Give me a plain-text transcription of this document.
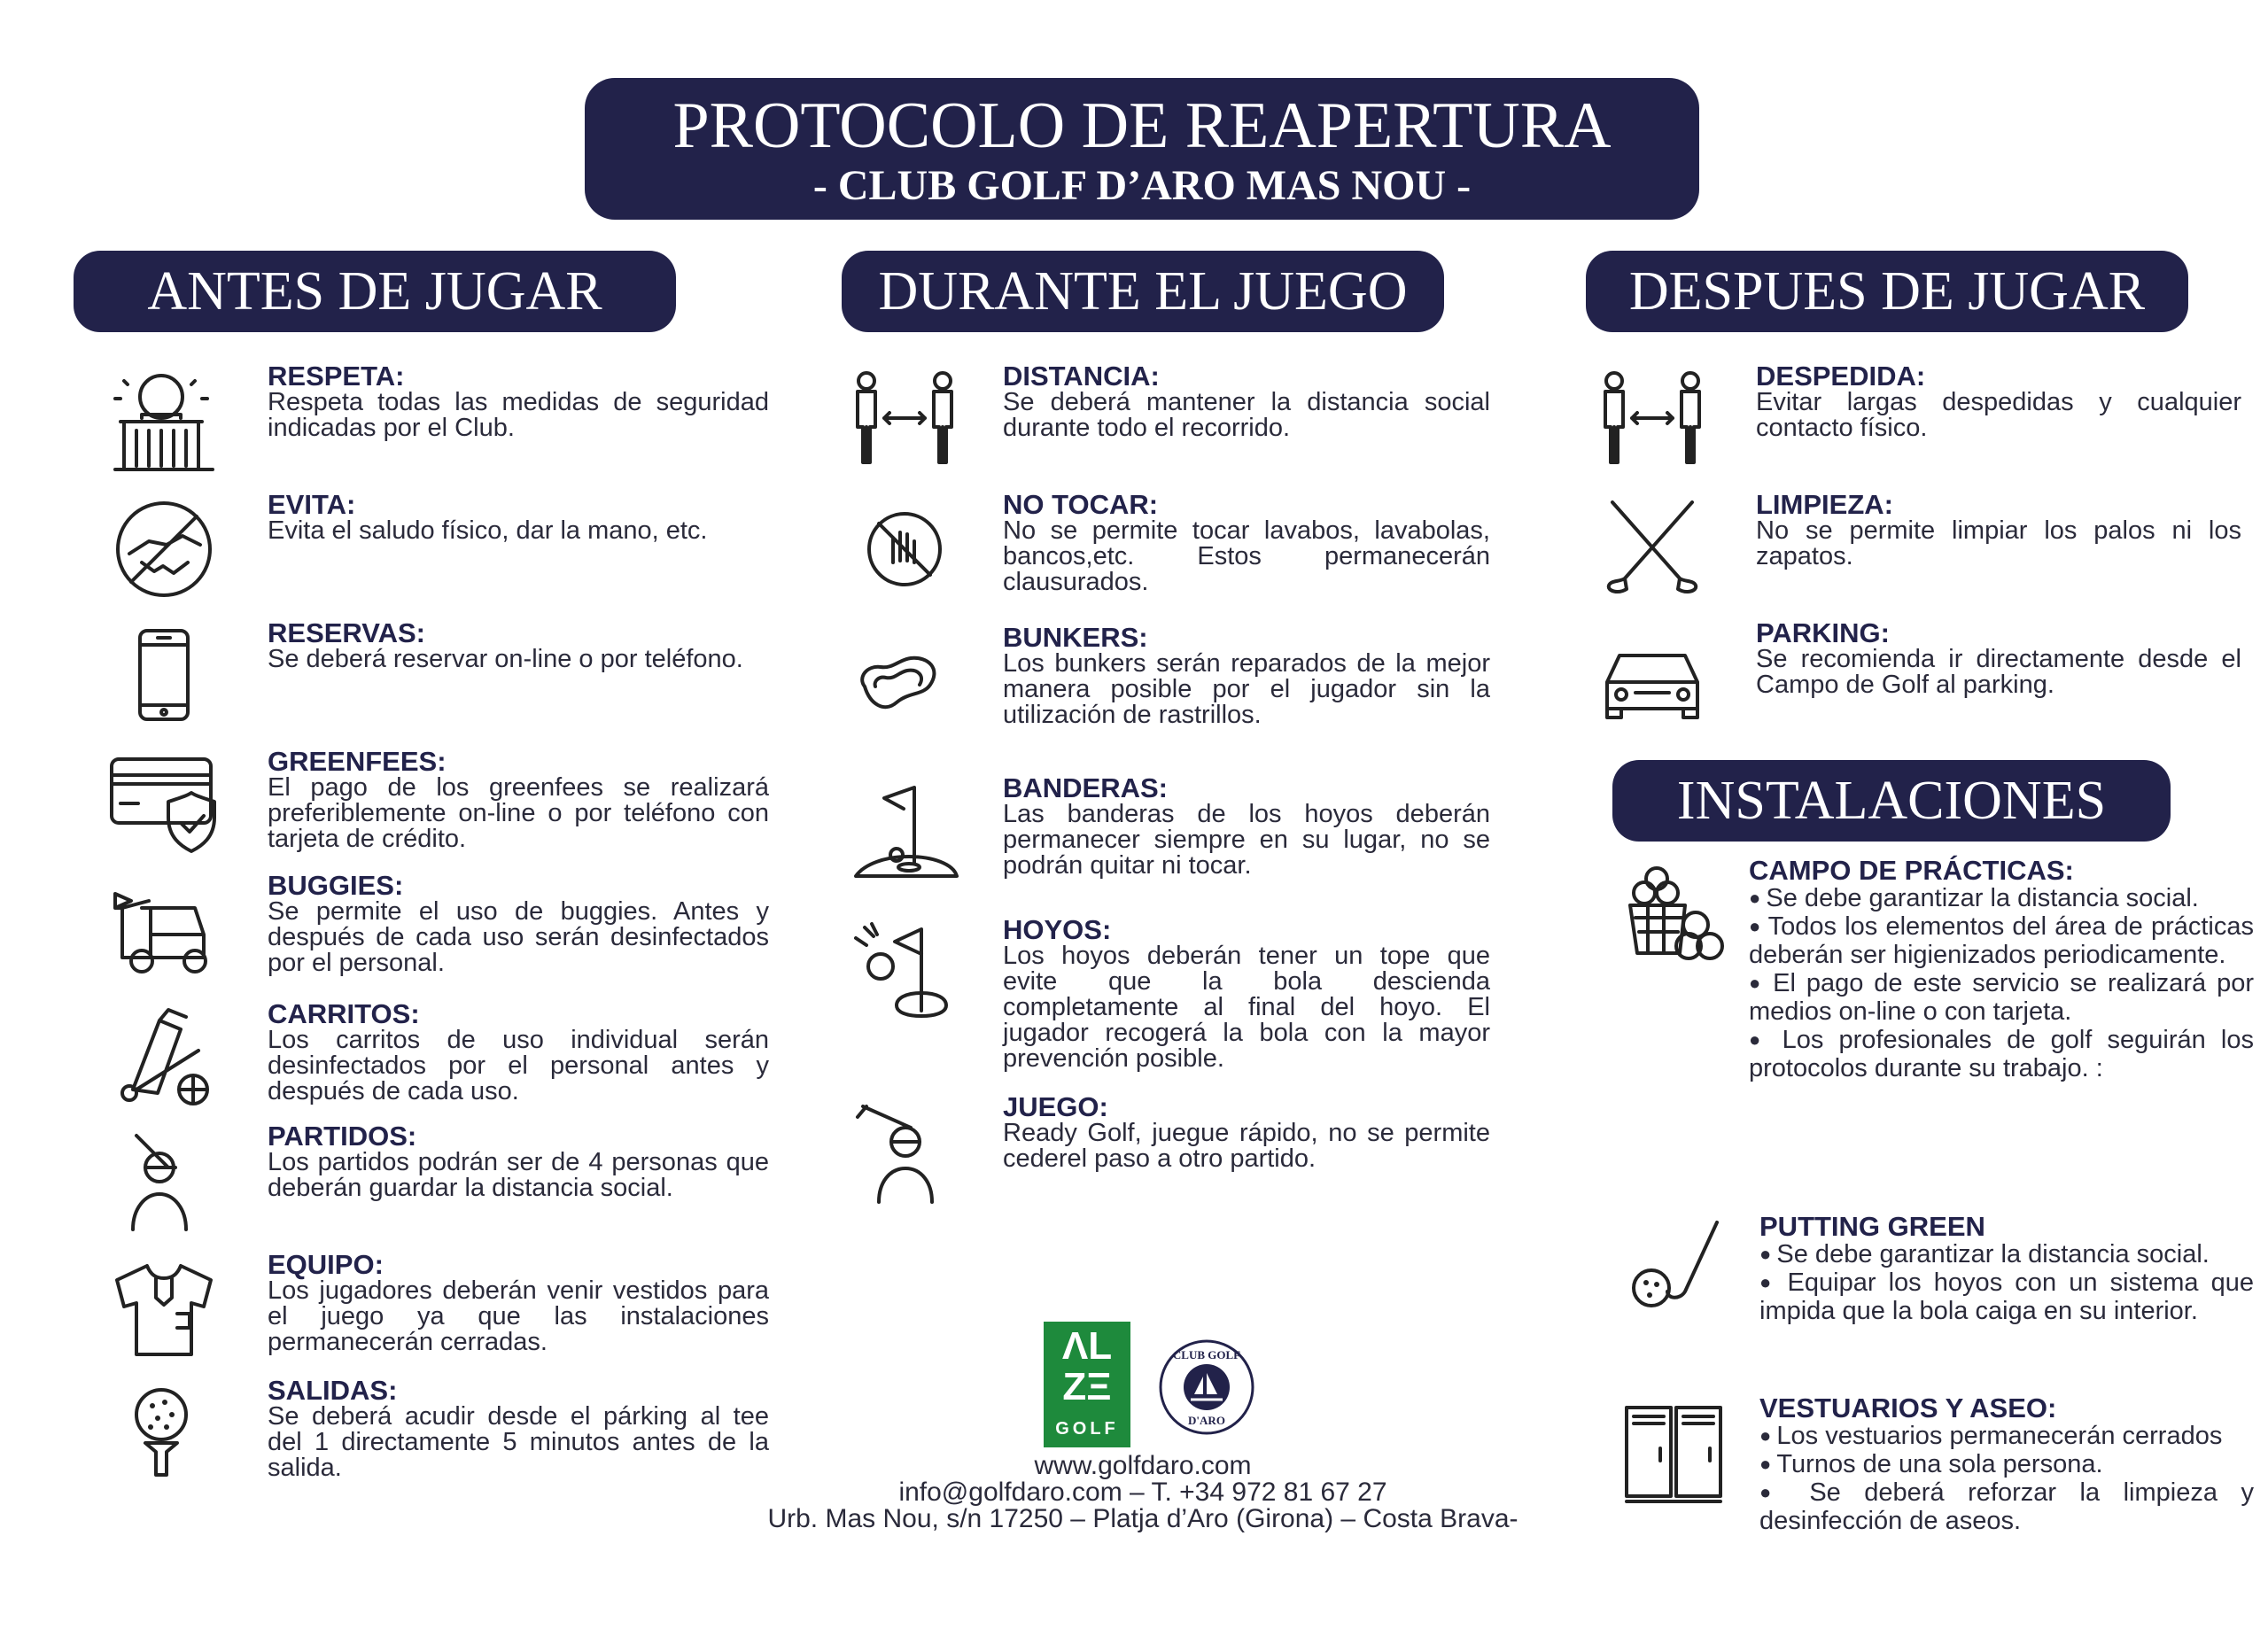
PROTOCOLO DE REAPERTURA
- CLUB GOLF D’ARO MAS NOU -
ANTES DE JUGAR	DURANTE EL JUEGO	DESPUES DE JUGAR
INSTALACIONES
RESPETA:
Respeta todas las medidas de seguridad indicadas por el Club.
EVITA:
Evita el saludo físico, dar la mano, etc.
RESERVAS:
Se deberá reservar on-line o por teléfono.
GREENFEES:
El pago de los greenfees se realizará preferiblemente on-line o por teléfono con tarjeta de crédito.
BUGGIES:
Se permite el uso de buggies. Antes y después de cada uso serán desinfectados por el personal.
CARRITOS:
Los carritos de uso individual serán desinfectados por el personal antes y después de cada uso.
PARTIDOS:
Los partidos podrán ser de 4 personas que deberán guardar la distancia social.
EQUIPO:
Los jugadores deberán venir vestidos para el juego ya que las instalaciones permanecerán cerradas.
SALIDAS:
Se deberá acudir desde el párking al tee del 1 directamente 5 minutos antes de la salida.
DISTANCIA:
Se deberá mantener la distancia social durante todo el recorrido.
NO TOCAR:
No se permite tocar lavabos, lavabolas, bancos,etc. Estos permanecerán clausurados.
BUNKERS:
Los bunkers serán reparados de la mejor manera posible por el jugador sin la utilización de rastrillos.
BANDERAS:
Las banderas de los hoyos deberán permanecer siempre en su lugar, no se podrán quitar ni tocar.
HOYOS:
Los hoyos deberán tener un tope que evite que la bola descienda completamente al final del hoyo. El jugador recogerá la bola con la mayor prevención posible.
JUEGO:
Ready Golf, juegue rápido, no se permite cederel paso a otro partido.
DESPEDIDA:
Evitar largas despedidas y cualquier contacto físico.
LIMPIEZA:
No se permite limpiar los palos ni los zapatos.
PARKING:
Se recomienda ir directamente desde el Campo de Golf al parking.
CAMPO DE PRÁCTICAS:
● Se debe garantizar la distancia social.
● Todos los elementos del área de prácticas deberán ser higienizados periodicamente.
● El pago de este servicio se realizará por medios on-line o con tarjeta.
● Los profesionales de golf seguirán los protocolos durante su trabajo. :
PUTTING GREEN
● Se debe garantizar la distancia social.
● Equipar los hoyos con un sistema que impida que la bola caiga en su interior.
VESTUARIOS Y ASEO:
● Los vestuarios permanecerán cerrados
● Turnos de una sola persona.
● Se deberá reforzar la limpieza y desinfección de aseos.
ΛL
ZΞ
GOLF
CLUB GOLF
D'ARO
www.golfdaro.com
info@golfdaro.com – T. +34 972 81 67 27
Urb. Mas Nou, s/n 17250 – Platja d’Aro (Girona) – Costa Brava-
